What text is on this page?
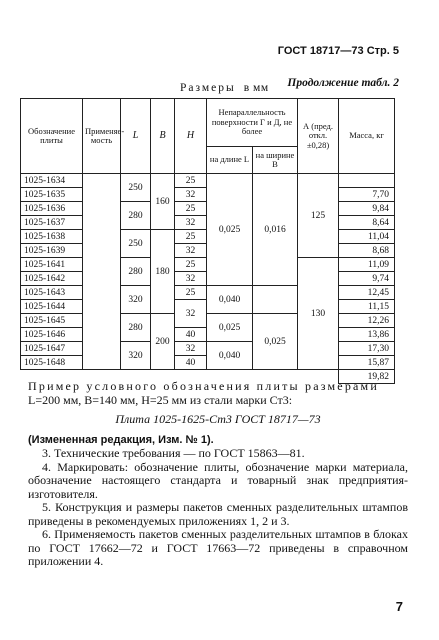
ГОСТ 18717—73 Стр. 5
Продолжение табл. 2
Размеры в мм
Обозначение плиты	Применяе-мость	L	B	H	Непараллельность поверхности Г и Д, не более		А (пред. откл. ±0,28)	Масса, кг
					на длине L	на ширине B		
1025-1634		250	160	25	0,025	0,016	125	
1025-1635				32				7,70
1025-1636		280		25				9,84
1025-1637				32				8,64
1025-1638		250	180	25				11,04
1025-1639				32				8,68
1025-1641		280		25			130	11,09
1025-1642				32				9,74
1025-1643		320		25	0,040			12,45
1025-1644				32				11,15
1025-1645		280	200		0,025	0,025		12,26
1025-1646				40				13,86
1025-1647		320		32	0,040			17,30
1025-1648				40				15,87
								19,82

Пример условного обозначения плиты размерами

L=200 мм, B=140 мм, H=25 мм из стали марки Ст3:

Плита 1025-1625-Ст3 ГОСТ 18717—73

(Измененная редакция, Изм. № 1).

3. Технические требования — по ГОСТ 15863—81.

4. Маркировать: обозначение плиты, обозначение марки материала, обозначение настоящего стандарта и товарный знак предприятия-изготовителя.

5. Конструкция и размеры пакетов сменных разделительных штампов приведены в рекомендуемых приложениях 1, 2 и 3.

6. Применяемость пакетов сменных разделительных штампов в блоках по ГОСТ 17662—72 и ГОСТ 17663—72 приведены в справочном приложении 4.

7
